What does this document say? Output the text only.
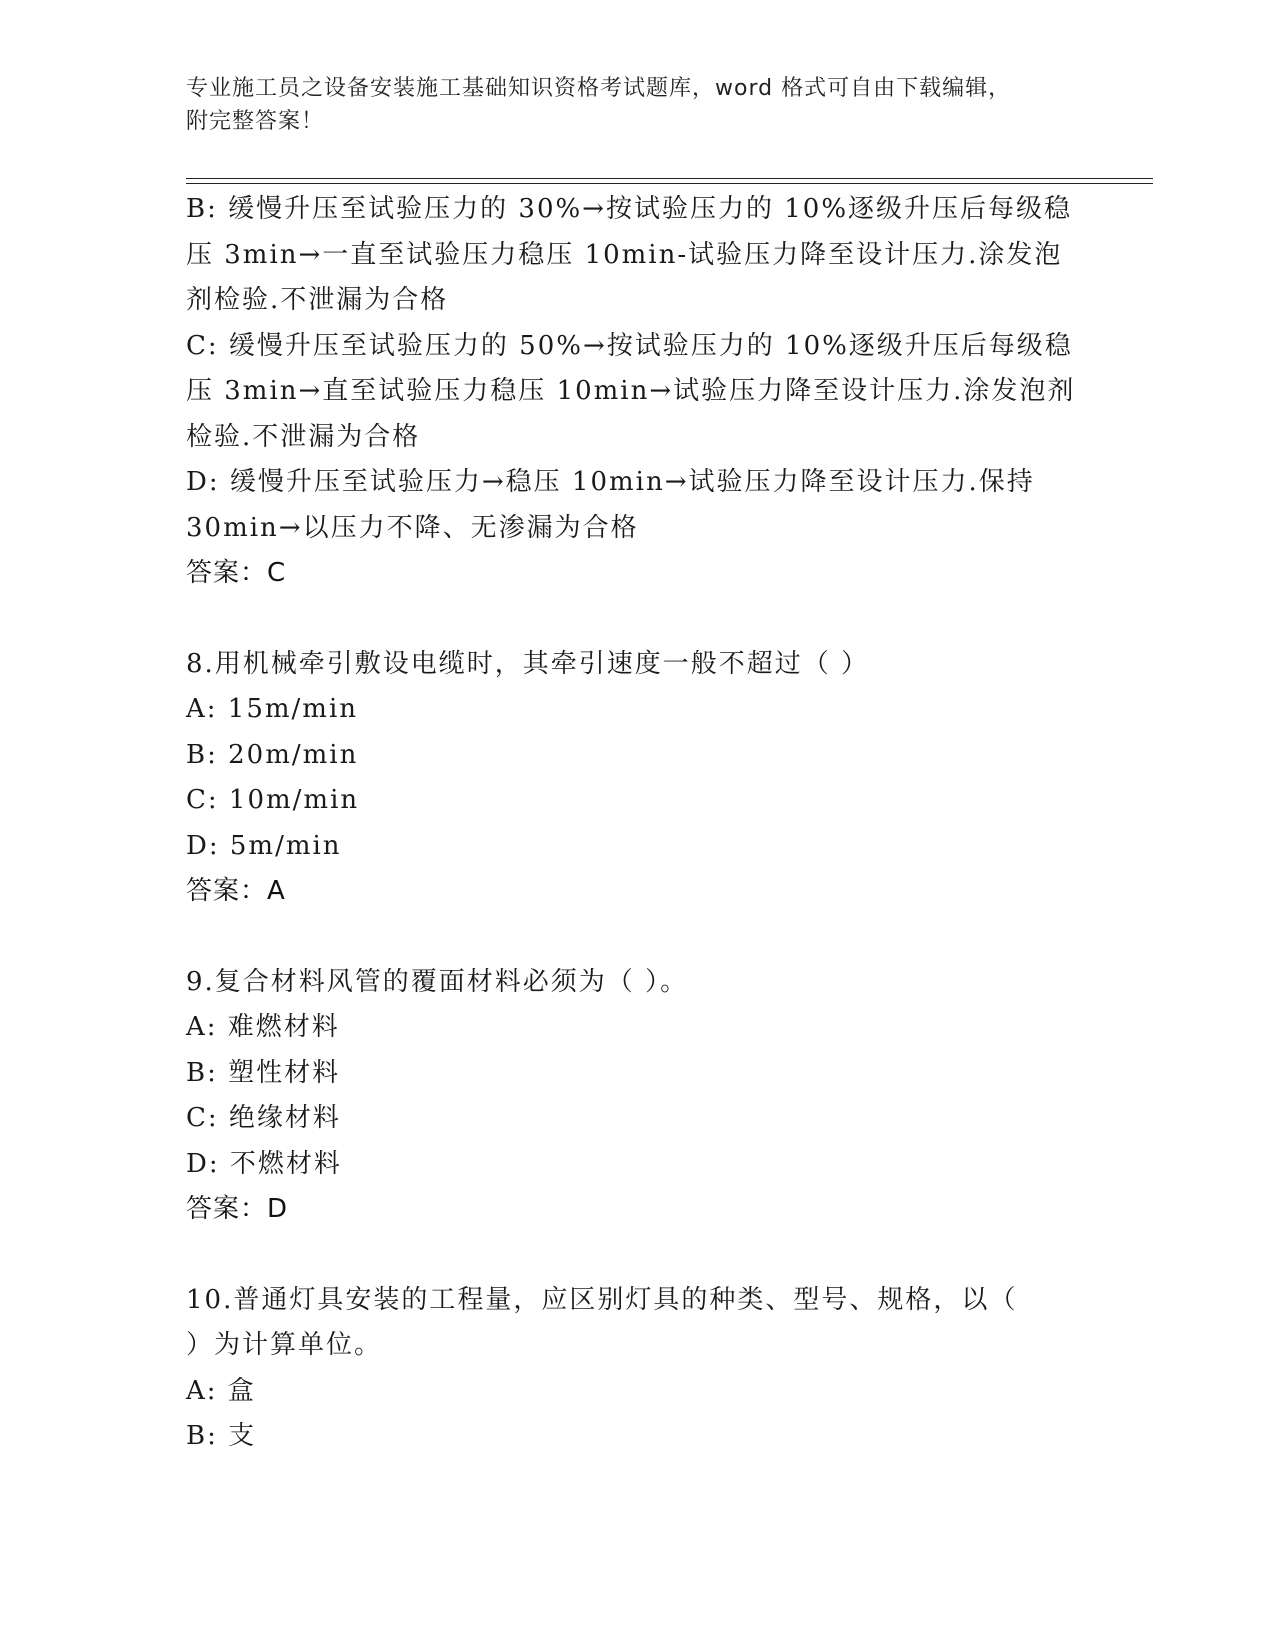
专业施工员之设备安装施工基础知识资格考试题库，word 格式可自由下载编辑，
附完整答案！
B: 缓慢升压至试验压力的 30%→按试验压力的 10%逐级升压后每级稳
压 3min→一直至试验压力稳压 10min-试验压力降至设计压力.涂发泡
剂检验.不泄漏为合格
C: 缓慢升压至试验压力的 50%→按试验压力的 10%逐级升压后每级稳
压 3min→直至试验压力稳压 10min→试验压力降至设计压力.涂发泡剂
检验.不泄漏为合格
D: 缓慢升压至试验压力→稳压 10min→试验压力降至设计压力.保持
30min→以压力不降、无渗漏为合格
答案：C
8.用机械牵引敷设电缆时，其牵引速度一般不超过（ ）
A: 15m/min
B: 20m/min
C: 10m/min
D: 5m/min
答案：A
9.复合材料风管的覆面材料必须为（ ）。
A: 难燃材料
B: 塑性材料
C: 绝缘材料
D: 不燃材料
答案：D
10.普通灯具安装的工程量，应区别灯具的种类、型号、规格，以（
）为计算单位。
A: 盒
B: 支
